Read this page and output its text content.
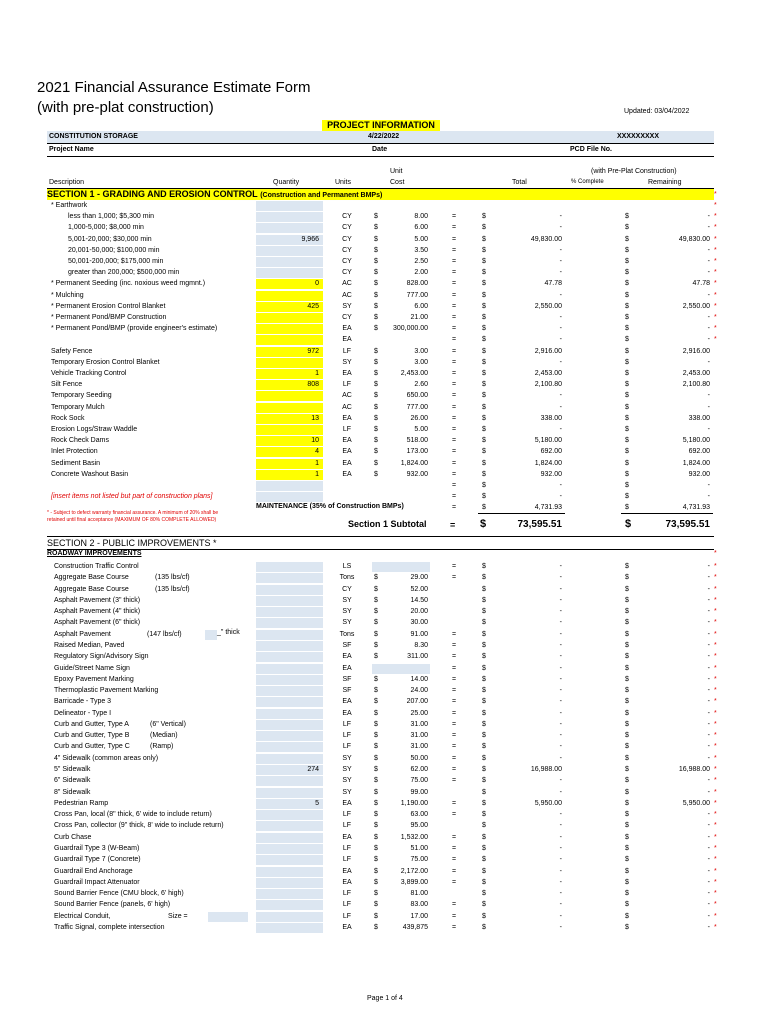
2021 Financial Assurance Estimate Form
(with pre-plat construction)	Updated: 03/04/2022
PROJECT INFORMATION
CONSTITUTION STORAGE	4/22/2022	XXXXXXXXX
Project Name	Date	PCD File No.
Unit	(with Pre-Plat Construction)
Description	Quantity	Units	Cost	Total	% Complete	Remaining
SECTION 1 - GRADING AND EROSION CONTROL (Construction and Permanent BMPs)	*
*
* Earthwork
*
less than 1,000; $5,300 min	CY	$	8.00	=	$	-	$	-
*
1,000-5,000; $8,000 min	CY	$	6.00	=	$	-	$	-
*
5,001-20,000; $30,000 min	9,966	CY	$	5.00	=	$	49,830.00	$	49,830.00
*
20,001-50,000; $100,000 min	CY	$	3.50	=	$	-	$	-
*
50,001-200,000; $175,000 min	CY	$	2.50	=	$	-	$	-
*
greater than 200,000; $500,000 min	CY	$	2.00	=	$	-	$	-
*
* Permanent Seeding (inc. noxious weed mgmnt.)	0	AC	$	828.00	=	$	47.78	$	47.78
*
* Mulching	AC	$	777.00	=	$	-	$	-
*
* Permanent Erosion Control Blanket	425	SY	$	6.00	=	$	2,550.00	$	2,550.00
*
* Permanent Pond/BMP Construction	CY	$	21.00	=	$	-	$	-
*
* Permanent Pond/BMP (provide engineer's estimate)	EA	$	300,000.00	=	$	-	$	-
*
EA	=	$	-	$	-
Safety Fence	972	LF	$	3.00	=	$	2,916.00	$	2,916.00
Temporary Erosion Control Blanket	SY	$	3.00	=	$	-	$	-
Vehicle Tracking Control	1	EA	$	2,453.00	=	$	2,453.00	$	2,453.00
Silt Fence	808	LF	$	2.60	=	$	2,100.80	$	2,100.80
Temporary Seeding	AC	$	650.00	=	$	-	$	-
Temporary Mulch	AC	$	777.00	=	$	-	$	-
Rock Sock	13	EA	$	26.00	=	$	338.00	$	338.00
Erosion Logs/Straw Waddle	LF	$	5.00	=	$	-	$	-
Rock Check Dams	10	EA	$	518.00	=	$	5,180.00	$	5,180.00
Inlet Protection	4	EA	$	173.00	=	$	692.00	$	692.00
Sediment Basin	1	EA	$	1,824.00	=	$	1,824.00	$	1,824.00
Concrete Washout Basin	1	EA	$	932.00	=	$	932.00	$	932.00
=	$	-	$	-
[insert items not listed but part of construction plans]	=	$	-	$	-
MAINTENANCE (35% of Construction BMPs)	=	$	4,731.93	$	4,731.93
* - Subject to defect warranty financial assurance. A minimum of 20% shall be
retained until final acceptance (MAXIMUM OF 80% COMPLETE ALLOWED)	Section 1 Subtotal	= $	73,595.51	$	73,595.51
SECTION 2 - PUBLIC IMPROVEMENTS *
*
ROADWAY IMPROVEMENTS
*
Construction Traffic Control	LS	=	$	-	$	-
*
Aggregate Base Course	(135 lbs/cf)	Tons	$	29.00	=	$	-	$	-
*
Aggregate Base Course	(135 lbs/cf)	CY	$	52.00	$	-	$	-
*
Asphalt Pavement (3" thick)	SY	$	14.50	$	-	$	-
*
Asphalt Pavement (4" thick)	SY	$	20.00	$	-	$	-
*
Asphalt Pavement (6" thick)	SY	$	30.00	$	-	$	-
*
Asphalt Pavement	(147 lbs/cf)	_" thick	Tons	$	91.00	=	$	-	$	-
*
Raised Median, Paved	SF	$	8.30	=	$	-	$	-
*
Regulatory Sign/Advisory Sign	EA	$	311.00	=	$	-	$	-
*
Guide/Street Name Sign	EA	=	$	-	$	-
*
Epoxy Pavement Marking	SF	$	14.00	=	$	-	$	-
*
Thermoplastic Pavement Marking	SF	$	24.00	=	$	-	$	-
*
Barricade - Type 3	EA	$	207.00	=	$	-	$	-
*
Delineator - Type I	EA	$	25.00	=	$	-	$	-
*
Curb and Gutter, Type A	(6" Vertical)	LF	$	31.00	=	$	-	$	-
*
Curb and Gutter, Type B	(Median)	LF	$	31.00	=	$	-	$	-
*
Curb and Gutter, Type C	(Ramp)	LF	$	31.00	=	$	-	$	-
*
4" Sidewalk (common areas only)	SY	$	50.00	=	$	-	$	-
*
5" Sidewalk	274	SY	$	62.00	=	$	16,988.00	$	16,988.00
*
6" Sidewalk	SY	$	75.00	=	$	-	$	-
*
8" Sidewalk	SY	$	99.00	$	-	$	-
*
Pedestrian Ramp	5	EA	$	1,190.00	=	$	5,950.00	$	5,950.00
*
Cross Pan, local (8" thick, 6' wide to include return)	LF	$	63.00	=	$	-	$	-
*
Cross Pan, collector (9" thick, 8' wide to include return)	LF	$	95.00	$	-	$	-
*
Curb Chase	EA	$	1,532.00	=	$	-	$	-
*
Guardrail Type 3 (W-Beam)	LF	$	51.00	=	$	-	$	-
*
Guardrail Type 7 (Concrete)	LF	$	75.00	=	$	-	$	-
*
Guardrail End Anchorage	EA	$	2,172.00	=	$	-	$	-
*
Guardrail Impact Attenuator	EA	$	3,899.00	=	$	-	$	-
*
Sound Barrier Fence (CMU block, 6' high)	LF	$	81.00	$	-	$	-
*
Sound Barrier Fence (panels, 6' high)	LF	$	83.00	=	$	-	$	-
*
Electrical Conduit,	Size =	LF	$	17.00	=	$	-	$	-
*
Traffic Signal, complete intersection	EA	$	439,875	=	$	-	$	-
Page 1 of 4
